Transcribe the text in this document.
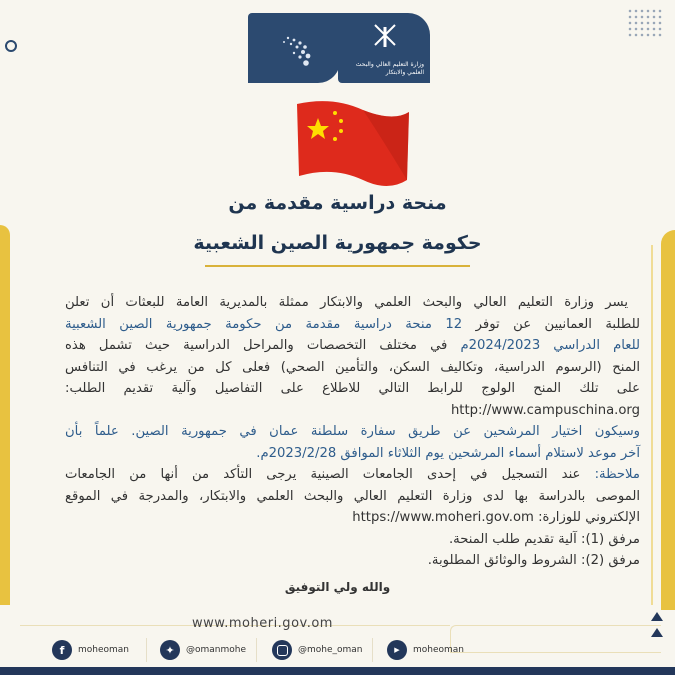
وزارة التعليم العالي والبحث العلمي والابتكار
منحة دراسية مقدمة من
حكومة جمهورية الصين الشعبية
يسر وزارة التعليم العالي والبحث العلمي والابتكار ممثلة بالمديرية العامة للبعثات أن تعلن
للطلبة العمانيين عن توفر 12 منحة دراسية مقدمة من حكومة جمهورية الصين الشعبية
للعام الدراسي 2024/2023م في مختلف التخصصات والمراحل الدراسية حيث تشمل هذه
المنح (الرسوم الدراسية، وتكاليف السكن، والتأمين الصحي) فعلى كل من يرغب في التنافس
على تلك المنح الولوج للرابط التالي للاطلاع على التفاصيل وآلية تقديم الطلب:
http://www.campuschina.org
وسيكون اختيار المرشحين عن طريق سفارة سلطنة عمان في جمهورية الصين. علماً بأن
آخر موعد لاستلام أسماء المرشحين يوم الثلاثاء الموافق 2023/2/28م.
ملاحظة: عند التسجيل في إحدى الجامعات الصينية يرجى التأكد من أنها من الجامعات
الموصى بالدراسة بها لدى وزارة التعليم العالي والبحث العلمي والابتكار، والمدرجة في الموقع
الإلكتروني للوزارة: https://www.moheri.gov.om
مرفق (1): آلية تقديم طلب المنحة.
مرفق (2): الشروط والوثائق المطلوبة.
والله ولي التوفيق
www.moheri.gov.om
f	moheoman	✦	@omanmohe	@mohe_oman	▶	moheoman
